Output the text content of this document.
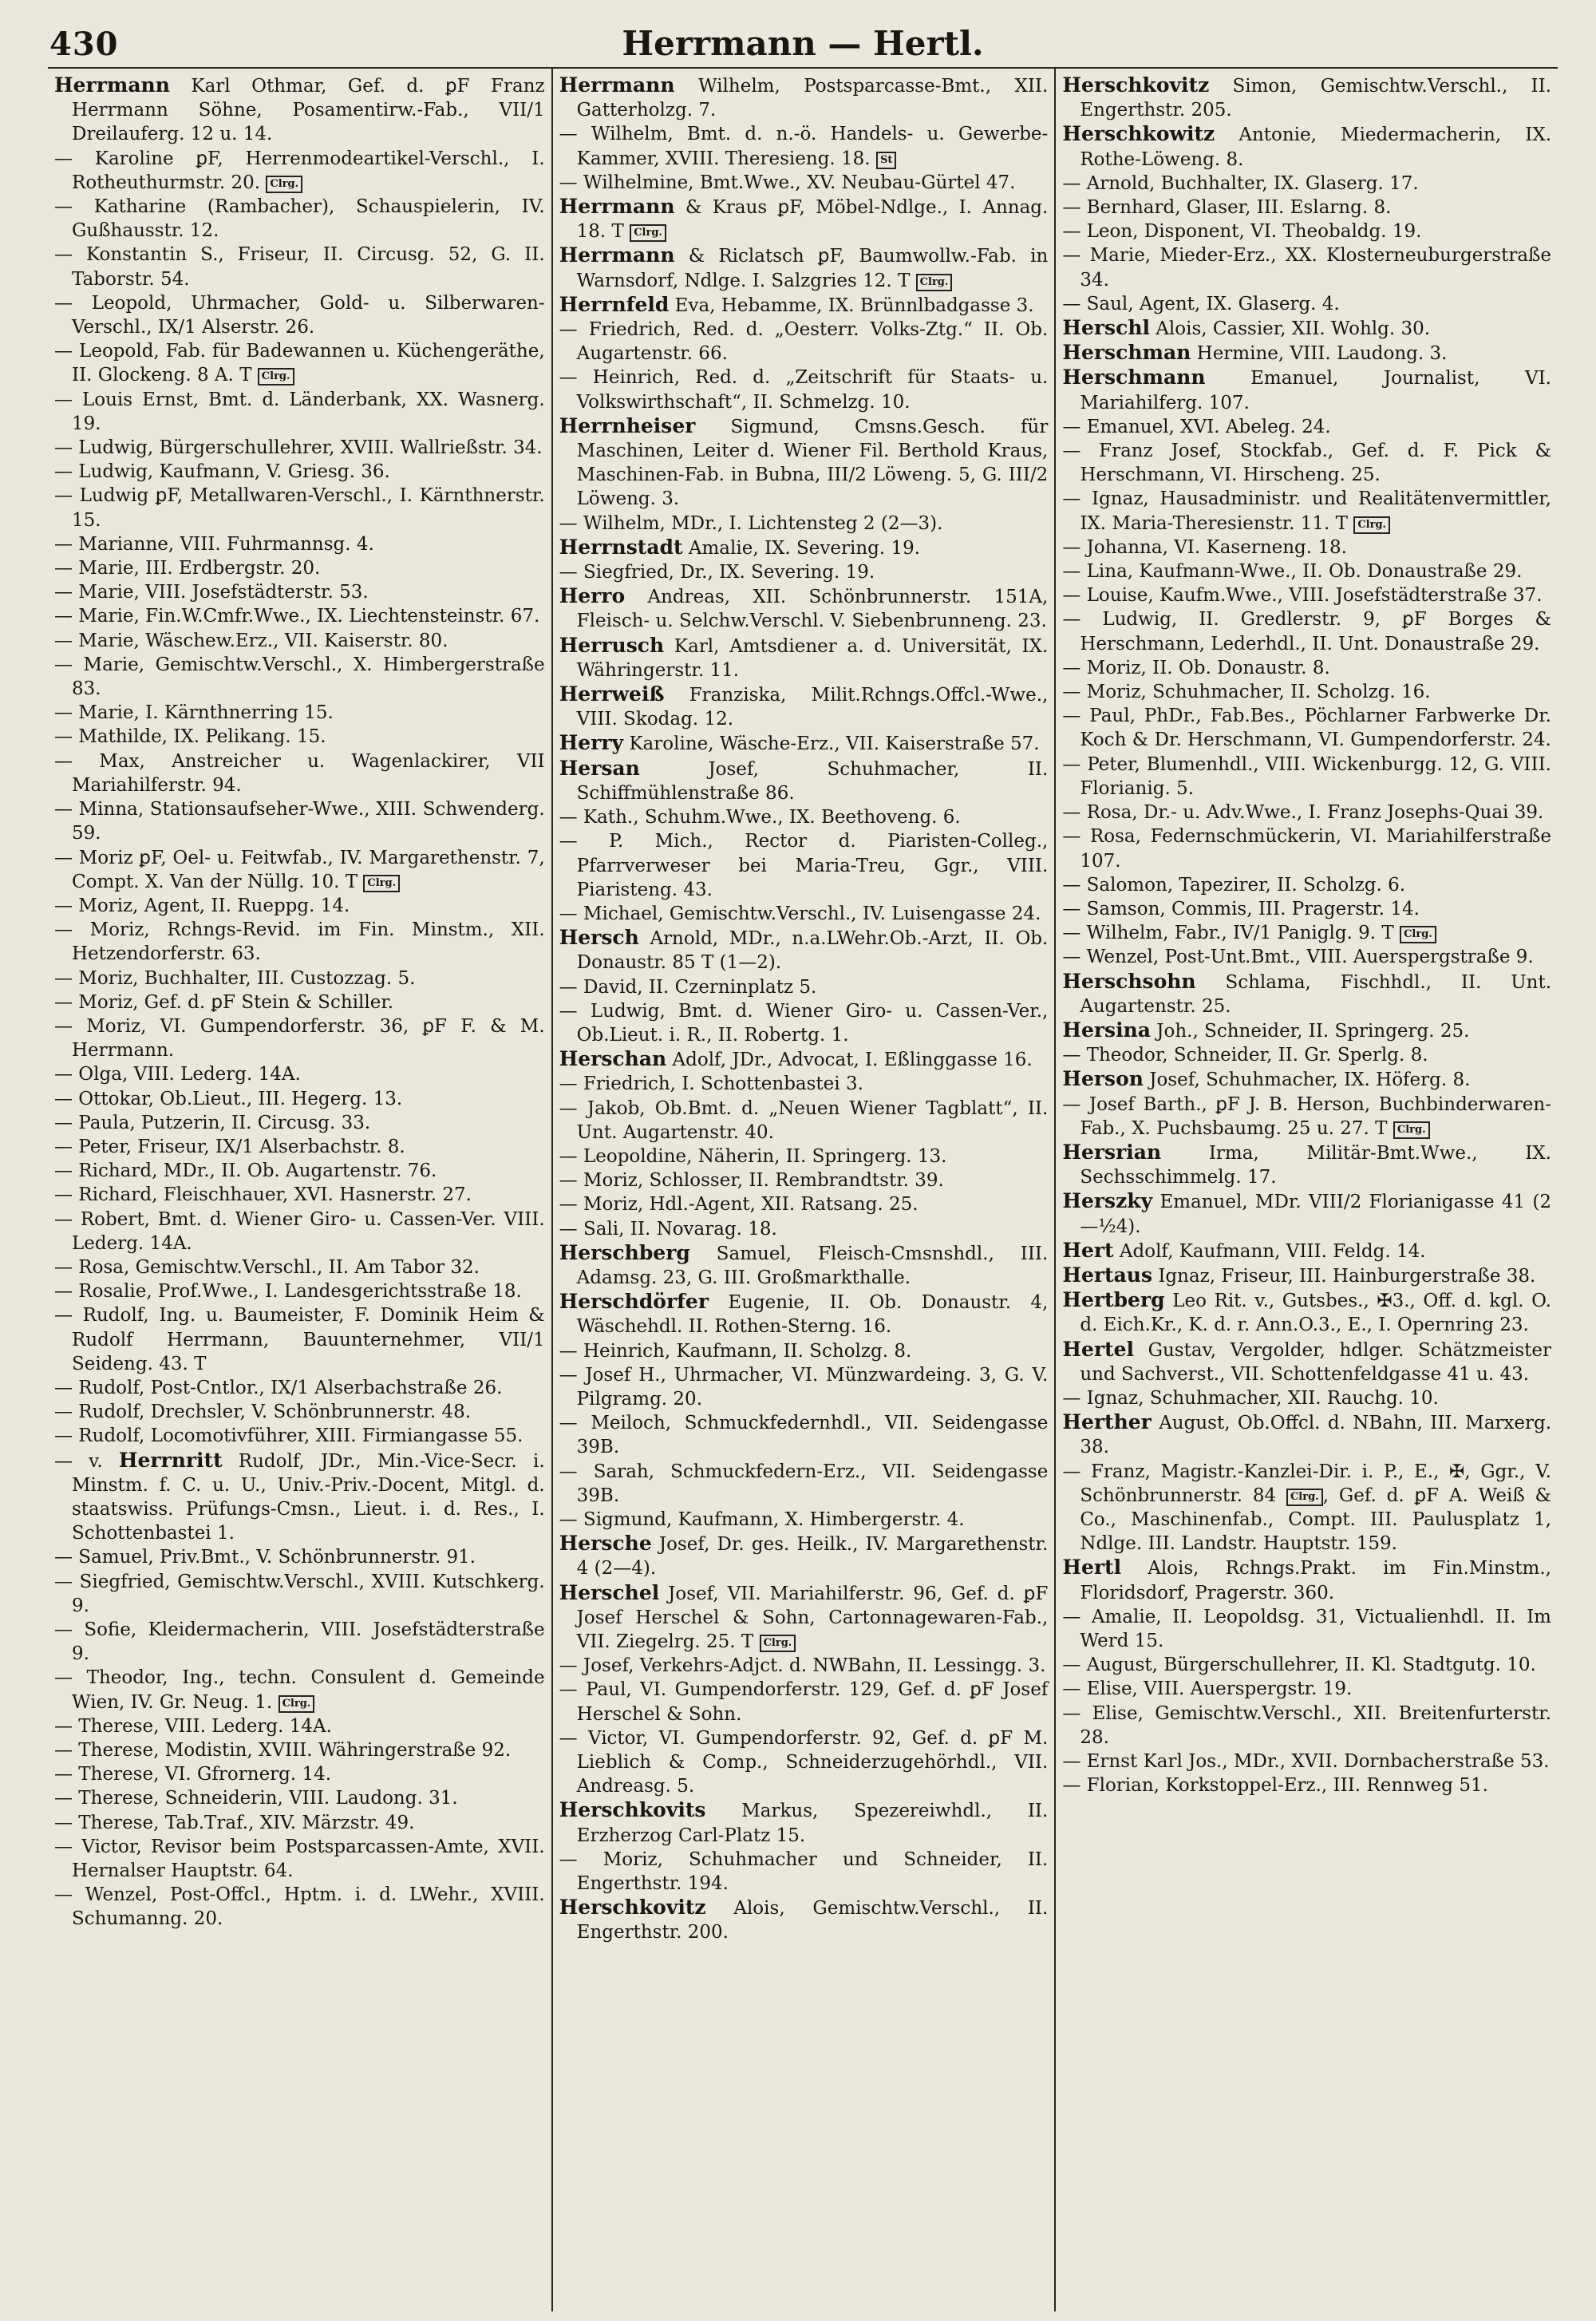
430	Herrmann — Hertl.

Herrmann Karl Othmar, Gef. d. ꝑF Franz Herrmann Söhne, Posamentirw.-Fab., VII/1 Dreilauferg. 12 u. 14.

— Karoline ꝑF, Herrenmodeartikel-Verschl., I. Rotheuthurmstr. 20. Clrg.

— Katharine (Rambacher), Schauspielerin, IV. Gußhausstr. 12.

— Konstantin S., Friseur, II. Circusg. 52, G. II. Taborstr. 54.

— Leopold, Uhrmacher, Gold- u. Silberwaren-Verschl., IX/1 Alserstr. 26.

— Leopold, Fab. für Badewannen u. Küchengeräthe, II. Glockeng. 8 A. T Clrg.

— Louis Ernst, Bmt. d. Länderbank, XX. Wasnerg. 19.

— Ludwig, Bürgerschullehrer, XVIII. Wallrießstr. 34.

— Ludwig, Kaufmann, V. Griesg. 36.

— Ludwig ꝑF, Metallwaren-Verschl., I. Kärnthnerstr. 15.

— Marianne, VIII. Fuhrmannsg. 4.

— Marie, III. Erdbergstr. 20.

— Marie, VIII. Josefstädterstr. 53.

— Marie, Fin.W.Cmfr.Wwe., IX. Liechtensteinstr. 67.

— Marie, Wäschew.Erz., VII. Kaiserstr. 80.

— Marie, Gemischtw.Verschl., X. Himbergerstraße 83.

— Marie, I. Kärnthnerring 15.

— Mathilde, IX. Pelikang. 15.

— Max, Anstreicher u. Wagenlackirer, VII Mariahilferstr. 94.

— Minna, Stationsaufseher-Wwe., XIII. Schwenderg. 59.

— Moriz ꝑF, Oel- u. Feitwfab., IV. Margarethenstr. 7, Compt. X. Van der Nüllg. 10. T Clrg.

— Moriz, Agent, II. Rueppg. 14.

— Moriz, Rchngs-Revid. im Fin. Minstm., XII. Hetzendorferstr. 63.

— Moriz, Buchhalter, III. Custozzag. 5.

— Moriz, Gef. d. ꝑF Stein & Schiller.

— Moriz, VI. Gumpendorferstr. 36, ꝑF F. & M. Herrmann.

— Olga, VIII. Lederg. 14A.

— Ottokar, Ob.Lieut., III. Hegerg. 13.

— Paula, Putzerin, II. Circusg. 33.

— Peter, Friseur, IX/1 Alserbachstr. 8.

— Richard, MDr., II. Ob. Augartenstr. 76.

— Richard, Fleischhauer, XVI. Hasnerstr. 27.

— Robert, Bmt. d. Wiener Giro- u. Cassen-Ver. VIII. Lederg. 14A.

— Rosa, Gemischtw.Verschl., II. Am Tabor 32.

— Rosalie, Prof.Wwe., I. Landesgerichtsstraße 18.

— Rudolf, Ing. u. Baumeister, F. Dominik Heim & Rudolf Herrmann, Bauunternehmer, VII/1 Seideng. 43. T

— Rudolf, Post-Cntlor., IX/1 Alserbachstraße 26.

— Rudolf, Drechsler, V. Schönbrunnerstr. 48.

— Rudolf, Locomotivführer, XIII. Firmiangasse 55.

— v. Herrnritt Rudolf, JDr., Min.-Vice-Secr. i. Minstm. f. C. u. U., Univ.-Priv.-Docent, Mitgl. d. staatswiss. Prüfungs-Cmsn., Lieut. i. d. Res., I. Schottenbastei 1.

— Samuel, Priv.Bmt., V. Schönbrunnerstr. 91.

— Siegfried, Gemischtw.Verschl., XVIII. Kutschkerg. 9.

— Sofie, Kleidermacherin, VIII. Josefstädterstraße 9.

— Theodor, Ing., techn. Consulent d. Gemeinde Wien, IV. Gr. Neug. 1. Clrg.

— Therese, VIII. Lederg. 14A.

— Therese, Modistin, XVIII. Währingerstraße 92.

— Therese, VI. Gfrornerg. 14.

— Therese, Schneiderin, VIII. Laudong. 31.

— Therese, Tab.Traf., XIV. Märzstr. 49.

— Victor, Revisor beim Postsparcassen-Amte, XVII. Hernalser Hauptstr. 64.

— Wenzel, Post-Offcl., Hptm. i. d. LWehr., XVIII. Schumanng. 20.

Herrmann Wilhelm, Postsparcasse-Bmt., XII. Gatterholzg. 7.

— Wilhelm, Bmt. d. n.-ö. Handels- u. Gewerbe-Kammer, XVIII. Theresieng. 18. St

— Wilhelmine, Bmt.Wwe., XV. Neubau-Gürtel 47.

Herrmann & Kraus ꝑF, Möbel-Ndlge., I. Annag. 18. T Clrg.

Herrmann & Riclatsch ꝑF, Baumwollw.-Fab. in Warnsdorf, Ndlge. I. Salzgries 12. T Clrg.

Herrnfeld Eva, Hebamme, IX. Brünnlbadgasse 3.

— Friedrich, Red. d. „Oesterr. Volks-Ztg.“ II. Ob. Augartenstr. 66.

— Heinrich, Red. d. „Zeitschrift für Staats- u. Volkswirthschaft“, II. Schmelzg. 10.

Herrnheiser Sigmund, Cmsns.Gesch. für Maschinen, Leiter d. Wiener Fil. Berthold Kraus, Maschinen-Fab. in Bubna, III/2 Löweng. 5, G. III/2 Löweng. 3.

— Wilhelm, MDr., I. Lichtensteg 2 (2—3).

Herrnstadt Amalie, IX. Severing. 19.

— Siegfried, Dr., IX. Severing. 19.

Herro Andreas, XII. Schönbrunnerstr. 151A, Fleisch- u. Selchw.Verschl. V. Siebenbrunneng. 23.

Herrusch Karl, Amtsdiener a. d. Universität, IX. Währingerstr. 11.

Herrweiß Franziska, Milit.Rchngs.Offcl.-Wwe., VIII. Skodag. 12.

Herry Karoline, Wäsche-Erz., VII. Kaiserstraße 57.

Hersan	Josef, Schuhmacher, II. Schiffmühlenstraße 86.

— Kath., Schuhm.Wwe., IX. Beethoveng. 6.

— P. Mich., Rector d. Piaristen-Colleg., Pfarrverweser bei Maria-Treu, Ggr., VIII. Piaristeng. 43.

— Michael, Gemischtw.Verschl., IV. Luisengasse 24.

Hersch Arnold, MDr., n.a.LWehr.Ob.-Arzt, II. Ob. Donaustr. 85 T (1—2).

— David, II. Czerninplatz 5.

— Ludwig, Bmt. d. Wiener Giro- u. Cassen-Ver., Ob.Lieut. i. R., II. Robertg. 1.

Herschan Adolf, JDr., Advocat, I. Eßlinggasse 16.

— Friedrich, I. Schottenbastei 3.

— Jakob, Ob.Bmt. d. „Neuen Wiener Tagblatt“, II. Unt. Augartenstr. 40.

— Leopoldine, Näherin, II. Springerg. 13.

— Moriz, Schlosser, II. Rembrandtstr. 39.

— Moriz, Hdl.-Agent, XII. Ratsang. 25.

— Sali, II. Novarag. 18.

Herschberg Samuel, Fleisch-Cmsnshdl., III. Adamsg. 23, G. III. Großmarkthalle.

Herschdörfer Eugenie, II. Ob. Donaustr. 4, Wäschehdl. II. Rothen-Sterng. 16.

— Heinrich, Kaufmann, II. Scholzg. 8.

— Josef H., Uhrmacher, VI. Münzwardeing. 3, G. V. Pilgramg. 20.

— Meiloch, Schmuckfedernhdl., VII. Seidengasse 39B.

— Sarah, Schmuckfedern-Erz., VII. Seidengasse 39B.

— Sigmund, Kaufmann, X. Himbergerstr. 4.

Hersche Josef, Dr. ges. Heilk., IV. Margarethenstr. 4 (2—4).

Herschel Josef, VII. Mariahilferstr. 96, Gef. d. ꝑF Josef Herschel & Sohn, Cartonnagewaren-Fab., VII. Ziegelrg. 25. T Clrg.

— Josef, Verkehrs-Adjct. d. NWBahn, II. Lessingg. 3.

— Paul, VI. Gumpendorferstr. 129, Gef. d. ꝑF Josef Herschel & Sohn.

— Victor, VI. Gumpendorferstr. 92, Gef. d. ꝑF M. Lieblich & Comp., Schneiderzugehörhdl., VII. Andreasg. 5.

Herschkovits Markus, Spezereiwhdl., II. Erzherzog Carl-Platz 15.

— Moriz, Schuhmacher und Schneider, II. Engerthstr. 194.

Herschkovitz Alois, Gemischtw.Verschl., II. Engerthstr. 200.

Herschkovitz Simon, Gemischtw.Verschl., II. Engerthstr. 205.

Herschkowitz Antonie, Miedermacherin, IX. Rothe-Löweng. 8.

— Arnold, Buchhalter, IX. Glaserg. 17.

— Bernhard, Glaser, III. Eslarng. 8.

— Leon, Disponent, VI. Theobaldg. 19.

— Marie, Mieder-Erz., XX. Klosterneuburgerstraße 34.

— Saul, Agent, IX. Glaserg. 4.

Herschl Alois, Cassier, XII. Wohlg. 30.

Herschman Hermine, VIII. Laudong. 3.

Herschmann Emanuel, Journalist, VI. Mariahilferg. 107.

— Emanuel, XVI. Abeleg. 24.

— Franz Josef, Stockfab., Gef. d. F. Pick & Herschmann, VI. Hirscheng. 25.

— Ignaz, Hausadministr. und Realitätenvermittler, IX. Maria-Theresienstr. 11. T Clrg.

— Johanna, VI. Kaserneng. 18.

— Lina, Kaufmann-Wwe., II. Ob. Donaustraße 29.

— Louise, Kaufm.Wwe., VIII. Josefstädterstraße 37.

— Ludwig, II. Gredlerstr. 9, ꝑF Borges & Herschmann, Lederhdl., II. Unt. Donaustraße 29.

— Moriz, II. Ob. Donaustr. 8.

— Moriz, Schuhmacher, II. Scholzg. 16.

— Paul, PhDr., Fab.Bes., Pöchlarner Farbwerke Dr. Koch & Dr. Herschmann, VI. Gumpendorferstr. 24.

— Peter, Blumenhdl., VIII. Wickenburgg. 12, G. VIII. Florianig. 5.

— Rosa, Dr.- u. Adv.Wwe., I. Franz Josephs-Quai 39.

— Rosa, Federnschmückerin, VI. Mariahilferstraße 107.

— Salomon, Tapezirer, II. Scholzg. 6.

— Samson, Commis, III. Pragerstr. 14.

— Wilhelm, Fabr., IV/1 Paniglg. 9. T Clrg.

— Wenzel, Post-Unt.Bmt., VIII. Auerspergstraße 9.

Herschsohn Schlama, Fischhdl., II. Unt. Augartenstr. 25.

Hersina Joh., Schneider, II. Springerg. 25.

— Theodor, Schneider, II. Gr. Sperlg. 8.

Herson Josef, Schuhmacher, IX. Höferg. 8.

— Josef Barth., ꝑF J. B. Herson, Buchbinderwaren-Fab., X. Puchsbaumg. 25 u. 27. T Clrg.

Hersrian	Irma, Militär-Bmt.Wwe., IX. Sechsschimmelg. 17.

Herszky Emanuel, MDr. VIII/2 Florianigasse 41 (2—½4).

Hert Adolf, Kaufmann, VIII. Feldg. 14.

Hertaus Ignaz, Friseur, III. Hainburgerstraße 38.

Hertberg Leo Rit. v., Gutsbes., ✠3., Off. d. kgl. O. d. Eich.Kr., K. d. r. Ann.O.3., E., I. Opernring 23.

Hertel Gustav, Vergolder, hdlger. Schätzmeister und Sachverst., VII. Schottenfeldgasse 41 u. 43.

— Ignaz, Schuhmacher, XII. Rauchg. 10.

Herther August, Ob.Offcl. d. NBahn, III. Marxerg. 38.

— Franz, Magistr.-Kanzlei-Dir. i. P., E., ✠, Ggr., V. Schönbrunnerstr. 84 Clrg. , Gef. d. ꝑF A. Weiß & Co., Maschinenfab., Compt. III. Paulusplatz 1, Ndlge. III. Landstr. Hauptstr. 159.

Hertl Alois, Rchngs.Prakt. im Fin.Minstm., Floridsdorf, Pragerstr. 360.

— Amalie, II. Leopoldsg. 31, Victualienhdl. II. Im Werd 15.

— August, Bürgerschullehrer, II. Kl. Stadtgutg. 10.

— Elise, VIII. Auerspergstr. 19.

— Elise, Gemischtw.Verschl., XII. Breitenfurterstr. 28.

— Ernst Karl Jos., MDr., XVII. Dornbacherstraße 53.

— Florian, Korkstoppel-Erz., III. Rennweg 51.
